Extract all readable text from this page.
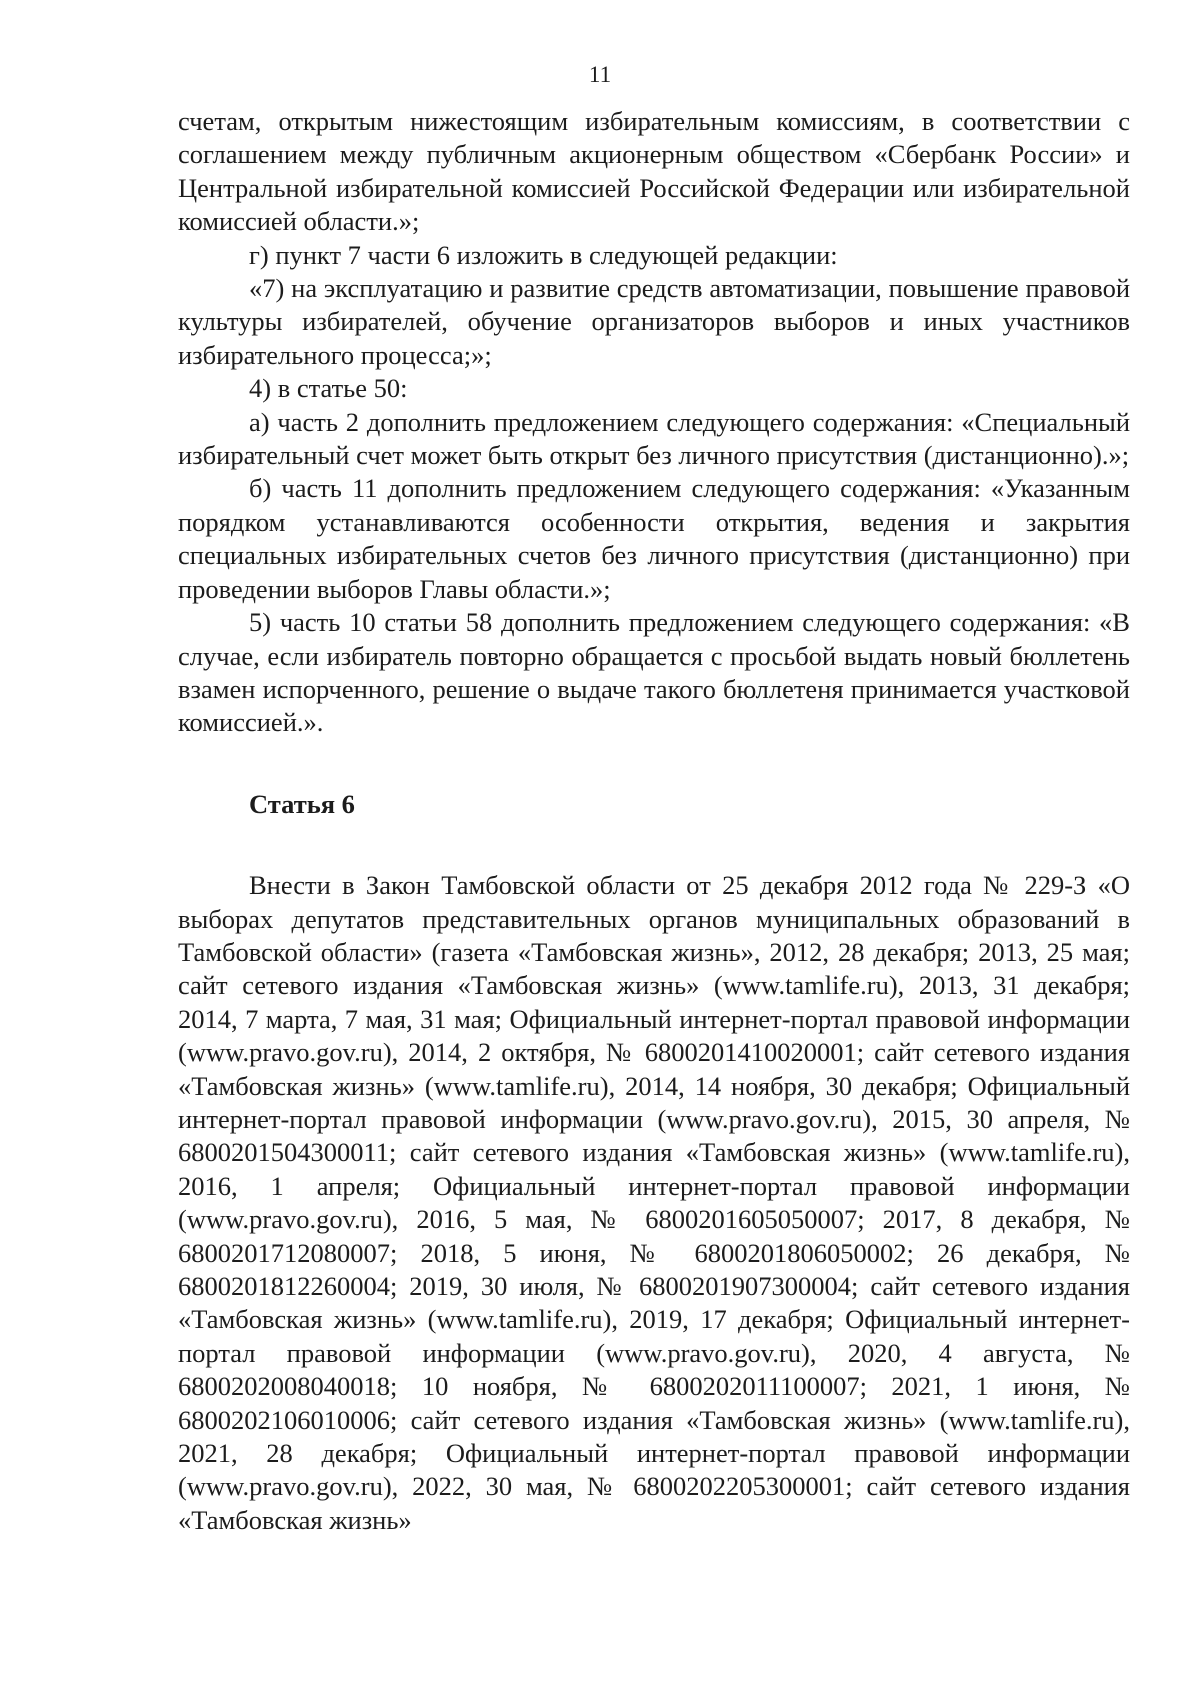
11

счетам, открытым нижестоящим избирательным комиссиям, в соответствии с соглашением между публичным акционерным обществом «Сбербанк России» и Центральной избирательной комиссией Российской Федерации или избирательной комиссией области.»;

г) пункт 7 части 6 изложить в следующей редакции:

«7) на эксплуатацию и развитие средств автоматизации, повышение правовой культуры избирателей, обучение организаторов выборов и иных участников избирательного процесса;»;

4) в статье 50:

а) часть 2 дополнить предложением следующего содержания: «Специальный избирательный счет может быть открыт без личного присутствия (дистанционно).»;

б) часть 11 дополнить предложением следующего содержания: «Указанным порядком устанавливаются особенности открытия, ведения и закрытия специальных избирательных счетов без личного присутствия (дистанционно) при проведении выборов Главы области.»;

5) часть 10 статьи 58 дополнить предложением следующего содержания: «В случае, если избиратель повторно обращается с просьбой выдать новый бюллетень взамен испорченного, решение о выдаче такого бюллетеня принимается участковой комиссией.».

Статья 6

Внести в Закон Тамбовской области от 25 декабря 2012 года № 229-З «О выборах депутатов представительных органов муниципальных образований в Тамбовской области» (газета «Тамбовская жизнь», 2012, 28 декабря; 2013, 25 мая; сайт сетевого издания «Тамбовская жизнь» (www.tamlife.ru), 2013, 31 декабря; 2014, 7 марта, 7 мая, 31 мая; Официальный интернет-портал правовой информации (www.pravo.gov.ru), 2014, 2 октября, № 6800201410020001; сайт сетевого издания «Тамбовская жизнь» (www.tamlife.ru), 2014, 14 ноября, 30 декабря; Официальный интернет-портал правовой информации (www.pravo.gov.ru), 2015, 30 апреля, № 6800201504300011; сайт сетевого издания «Тамбовская жизнь» (www.tamlife.ru), 2016, 1 апреля; Официальный интернет-портал правовой информации (www.pravo.gov.ru), 2016, 5 мая, № 6800201605050007; 2017, 8 декабря, № 6800201712080007; 2018, 5 июня, № 6800201806050002; 26 декабря, № 6800201812260004; 2019, 30 июля, № 6800201907300004; сайт сетевого издания «Тамбовская жизнь» (www.tamlife.ru), 2019, 17 декабря; Официальный интернет-портал правовой информации (www.pravo.gov.ru), 2020, 4 августа, № 6800202008040018; 10 ноября, № 6800202011100007; 2021, 1 июня, № 6800202106010006; сайт сетевого издания «Тамбовская жизнь» (www.tamlife.ru), 2021, 28 декабря; Официальный интернет-портал правовой информации (www.pravo.gov.ru), 2022, 30 мая, № 6800202205300001; сайт сетевого издания «Тамбовская жизнь»
